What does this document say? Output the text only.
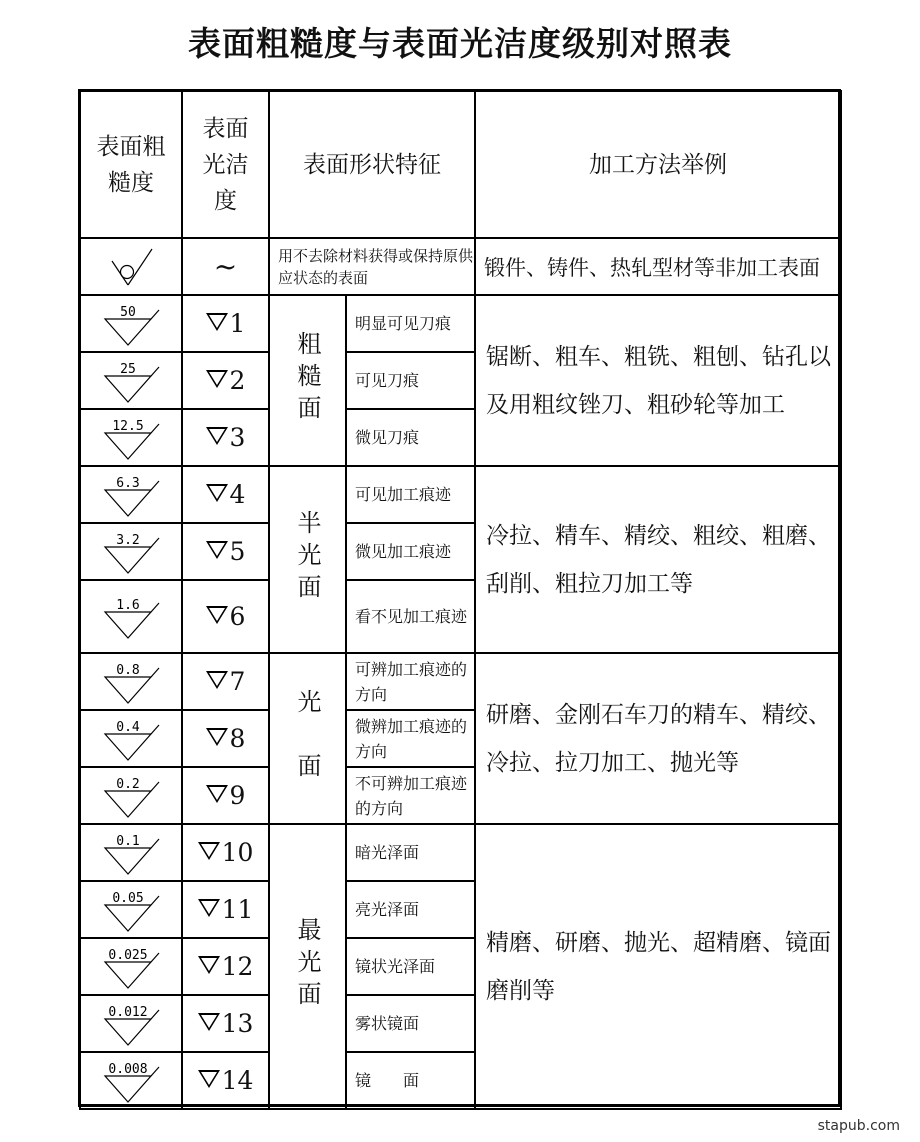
表面粗糙度与表面光洁度级别对照表
表面粗糙度	表面光洁度	表面形状特征		加工方法举例

	~	用不去除材料获得或保持原供应状态的表面		锻件、铸件、热轧型材等非加工表面

50	1	粗糙面	明显可见刀痕	锯断、粗车、粗铣、粗刨、钻孔以及用粗纹锉刀、粗砂轮等加工

25	2		可见刀痕	

12.5	3		微见刀痕	

6.3	4	半光面	可见加工痕迹	冷拉、精车、精绞、粗绞、粗磨、刮削、粗拉刀加工等

3.2	5		微见加工痕迹	

1.6	6		看不见加工痕迹	

0.8	7	光　面	可辨加工痕迹的方向	研磨、金刚石车刀的精车、精绞、冷拉、拉刀加工、抛光等

0.4	8		微辨加工痕迹的方向	

0.2	9		不可辨加工痕迹的方向	

0.1	10	最光面	暗光泽面	精磨、研磨、抛光、超精磨、镜面磨削等

0.05	11		亮光泽面	

0.025	12		镜状光泽面	

0.012	13		雾状镜面	

0.008	14		镜　　面	
stapub.com
